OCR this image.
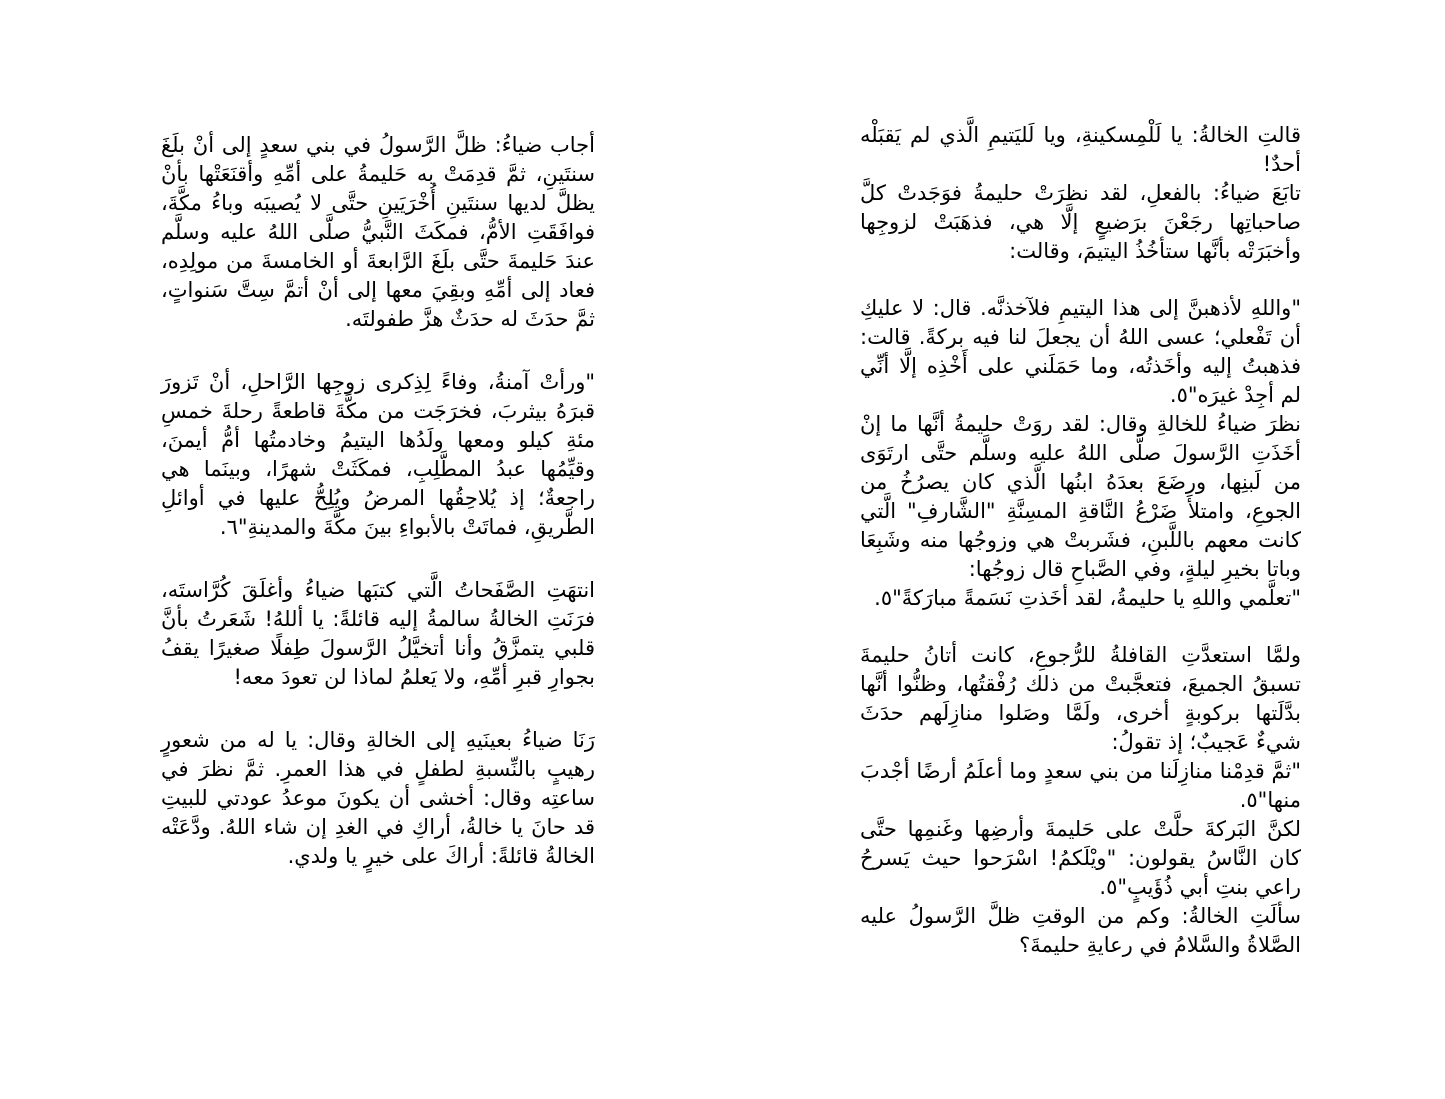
أجاب ضياءُ: ظلَّ الرَّسولُ في بني سعدٍ إلى أنْ بلَغَ سنتَينِ، ثمَّ قدِمَتْ به حَليمةُ على أمِّهِ وأقنَعَتْها بأنْ يظلَّ لديها سنتَينِ أُخْرَيَينِ حتَّى لا يُصيبَه وباءُ مكَّةَ، فوافَقَتِ الأمُّ، فمكَثَ النَّبيُّ صلَّى اللهُ عليه وسلَّم عندَ حَليمةَ حتَّى بلَغَ الرَّابعةَ أو الخامسةَ من مولِدِه، فعاد إلى أمِّهِ وبقِيَ معها إلى أنْ أتمَّ سِتَّ سَنواتٍ، ثمَّ حدَثَ له حدَثٌ هزَّ طفولتَه.

"ورأتْ آمنةُ، وفاءً لِذِكرى زوجِها الرَّاحلِ، أنْ تَزورَ قبرَهُ بيثربَ، فخرَجَت من مكَّةَ قاطعةً رحلةَ خمسِ مئةِ كيلو ومعها ولَدُها اليتيمُ وخادمتُها أمُّ أيمنَ، وقيِّمُها عبدُ المطَّلِبِ، فمكَثَتْ شهرًا، وبينَما هي راجعةٌ؛ إذ يُلاحِقُها المرضُ ويُلِحُّ عليها في أوائلِ الطَّريقِ، فماتَتْ بالأبواءِ بينَ مكَّةَ والمدينةِ"٦.

انتهَتِ الصَّفَحاتُ الَّتي كتبَها ضياءُ وأغلَقَ كُرَّاستَه، فرَنَتِ الخالةُ سالمةُ إليه قائلةً: يا أللهُ! شَعَرتُ بأنَّ قلبي يتمزَّقُ وأنا أتخيَّلُ الرَّسولَ طِفلًا صغيرًا يقفُ بجوارِ قبرِ أمِّهِ، ولا يَعلمُ لماذا لن تعودَ معه!

رَنَا ضياءُ بعينَيهِ إلى الخالةِ وقال: يا له من شعورٍ رهيبٍ بالنِّسبةِ لطفلٍ في هذا العمرِ. ثمَّ نظرَ في ساعتِه وقال: أخشى أن يكونَ موعدُ عودتي للبيتِ قد حانَ يا خالةُ، أراكِ في الغدِ إن شاء اللهُ. ودَّعَتْه الخالةُ قائلةً: أراكَ على خيرٍ يا ولدي.

قالتِ الخالةُ: يا لَلْمِسكينةِ، ويا لَليَتيمِ الَّذي لم يَقبَلْه أحدٌ!

تابَعَ ضياءُ: بالفعلِ، لقد نظرَتْ حليمةُ فوَجَدتْ كلَّ صاحباتِها رجَعْنَ برَضيعٍ إلَّا هي، فذهَبَتْ لزوجِها وأخبَرَتْه بأنَّها ستأخُذُ اليتيمَ، وقالت:

"واللهِ لأذهبنَّ إلى هذا اليتيمِ فلآخذنَّه. قال: لا عليكِ أن تَفْعلي؛ عسى اللهُ أن يجعلَ لنا فيه بركةً. قالت: فذهبتُ إليه وأخَذتُه، وما حَمَلَني على أَخْذِه إلَّا أنِّي لم أجِدْ غيرَه"٥.

نظرَ ضياءُ للخالةِ وقال: لقد روَتْ حليمةُ أنَّها ما إنْ أخَذَتِ الرَّسولَ صلَّى اللهُ عليه وسلَّم حتَّى ارتَوَى من لَبنِها، ورضَعَ بعدَهُ ابنُها الَّذي كان يصرُخُ من الجوعِ، وامتلأَ ضَرْعُ النَّاقةِ المسِنَّةِ "الشَّارفِ" الَّتي كانت معهم باللَّبنِ، فشَربتْ هي وزوجُها منه وشَبِعَا وباتا بخيرِ ليلةٍ، وفي الصَّباحِ قال زوجُها:

"تعلَّمي واللهِ يا حليمةُ، لقد أخَذتِ نَسَمةً مبارَكةً"٥.

ولمَّا استعدَّتِ القافلةُ للرُّجوعِ، كانت أتانُ حليمةَ تسبقُ الجميعَ، فتعجَّبتْ من ذلك رُفْقتُها، وظنُّوا أنَّها بدَّلَتها بركوبةٍ أخرى، ولَمَّا وصَلوا منازِلَهم حدَثَ شيءٌ عَجيبٌ؛ إذ تقولُ:

"ثمَّ قدِمْنا منازِلَنا من بني سعدٍ وما أعلَمُ أرضًا أجْدبَ منها"٥.

لكنَّ البَركةَ حلَّتْ على حَليمةَ وأرضِها وغَنمِها حتَّى كان النَّاسُ يقولون: "ويْلَكمُ! اسْرَحوا حيث يَسرحُ راعي بنتِ أبي ذُؤَيبٍ"٥.

سألَتِ الخالةُ: وكم من الوقتِ ظلَّ الرَّسولُ عليه الصَّلاةُ والسَّلامُ في رعايةِ حليمةَ؟
